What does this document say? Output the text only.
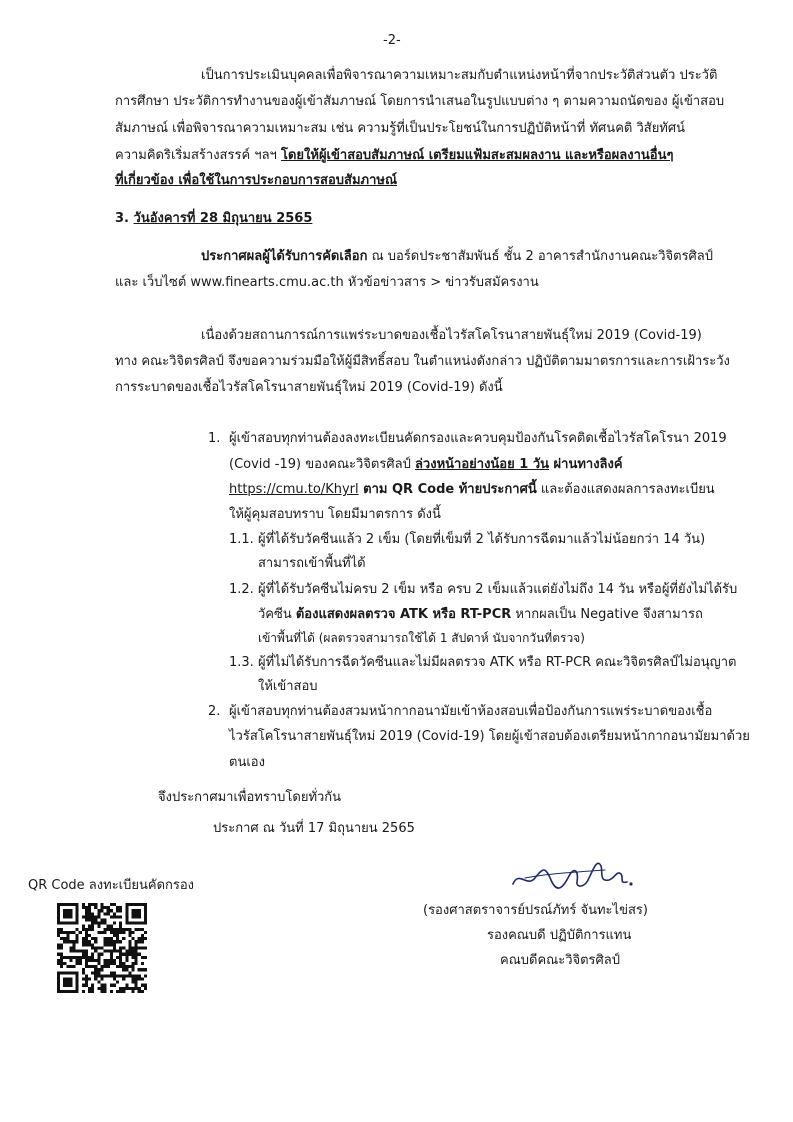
-2-
เป็นการประเมินบุคคลเพื่อพิจารณาความเหมาะสมกับตำแหน่งหน้าที่จากประวัติส่วนตัว ประวัติ
การศึกษา ประวัติการทำงานของผู้เข้าสัมภาษณ์ โดยการนำเสนอในรูปแบบต่าง ๆ ตามความถนัดของ ผู้เข้าสอบ
สัมภาษณ์ เพื่อพิจารณาความเหมาะสม เช่น ความรู้ที่เป็นประโยชน์ในการปฏิบัติหน้าที่ ทัศนคติ วิสัยทัศน์
ความคิดริเริ่มสร้างสรรค์ ฯลฯ โดยให้ผู้เข้าสอบสัมภาษณ์ เตรียมแฟ้มสะสมผลงาน และหรือผลงานอื่นๆ
ที่เกี่ยวข้อง เพื่อใช้ในการประกอบการสอบสัมภาษณ์
3. วันอังคารที่ 28 มิถุนายน 2565
ประกาศผลผู้ได้รับการคัดเลือก ณ บอร์ดประชาสัมพันธ์ ชั้น 2 อาคารสำนักงานคณะวิจิตรศิลป์
และ เว็บไซต์ www.finearts.cmu.ac.th หัวข้อข่าวสาร > ข่าวรับสมัครงาน
เนื่องด้วยสถานการณ์การแพร่ระบาดของเชื้อไวรัสโคโรนาสายพันธุ์ใหม่ 2019 (Covid-19)
ทาง คณะวิจิตรศิลป์ จึงขอความร่วมมือให้ผู้มีสิทธิ์สอบ ในตำแหน่งดังกล่าว ปฏิบัติตามมาตรการและการเฝ้าระวัง
การระบาดของเชื้อไวรัสโคโรนาสายพันธุ์ใหม่ 2019 (Covid-19) ดังนี้
1. ผู้เข้าสอบทุกท่านต้องลงทะเบียนคัดกรองและควบคุมป้องกันโรคติดเชื้อไวรัสโคโรนา 2019
(Covid -19) ของคณะวิจิตรศิลป์ ล่วงหน้าอย่างน้อย 1 วัน ผ่านทางลิงค์
https://cmu.to/Khyrl ตาม QR Code ท้ายประกาศนี้ และต้องแสดงผลการลงทะเบียน
ให้ผู้คุมสอบทราบ โดยมีมาตรการ ดังนี้
1.1. ผู้ที่ได้รับวัคซีนแล้ว 2 เข็ม (โดยที่เข็มที่ 2 ได้รับการฉีดมาแล้วไม่น้อยกว่า 14 วัน)
สามารถเข้าพื้นที่ได้
1.2. ผู้ที่ได้รับวัคซีนไม่ครบ 2 เข็ม หรือ ครบ 2 เข็มแล้วแต่ยังไม่ถึง 14 วัน หรือผู้ที่ยังไม่ได้รับ
วัคซีน ต้องแสดงผลตรวจ ATK หรือ RT-PCR หากผลเป็น Negative จึงสามารถ
เข้าพื้นที่ได้ (ผลตรวจสามารถใช้ได้ 1 สัปดาห์ นับจากวันที่ตรวจ)
1.3. ผู้ที่ไม่ได้รับการฉีดวัคซีนและไม่มีผลตรวจ ATK หรือ RT-PCR คณะวิจิตรศิลป์ไม่อนุญาต
ให้เข้าสอบ
2. ผู้เข้าสอบทุกท่านต้องสวมหน้ากากอนามัยเข้าห้องสอบเพื่อป้องกันการแพร่ระบาดของเชื้อ
ไวรัสโคโรนาสายพันธุ์ใหม่ 2019 (Covid-19) โดยผู้เข้าสอบต้องเตรียมหน้ากากอนามัยมาด้วย
ตนเอง
จึงประกาศมาเพื่อทราบโดยทั่วกัน
ประกาศ ณ วันที่ 17 มิถุนายน 2565
(รองศาสตราจารย์ปรณ์ภัทร์ จันทะไข่สร)
รองคณบดี ปฏิบัติการแทน
คณบดีคณะวิจิตรศิลป์
QR Code ลงทะเบียนคัดกรอง
